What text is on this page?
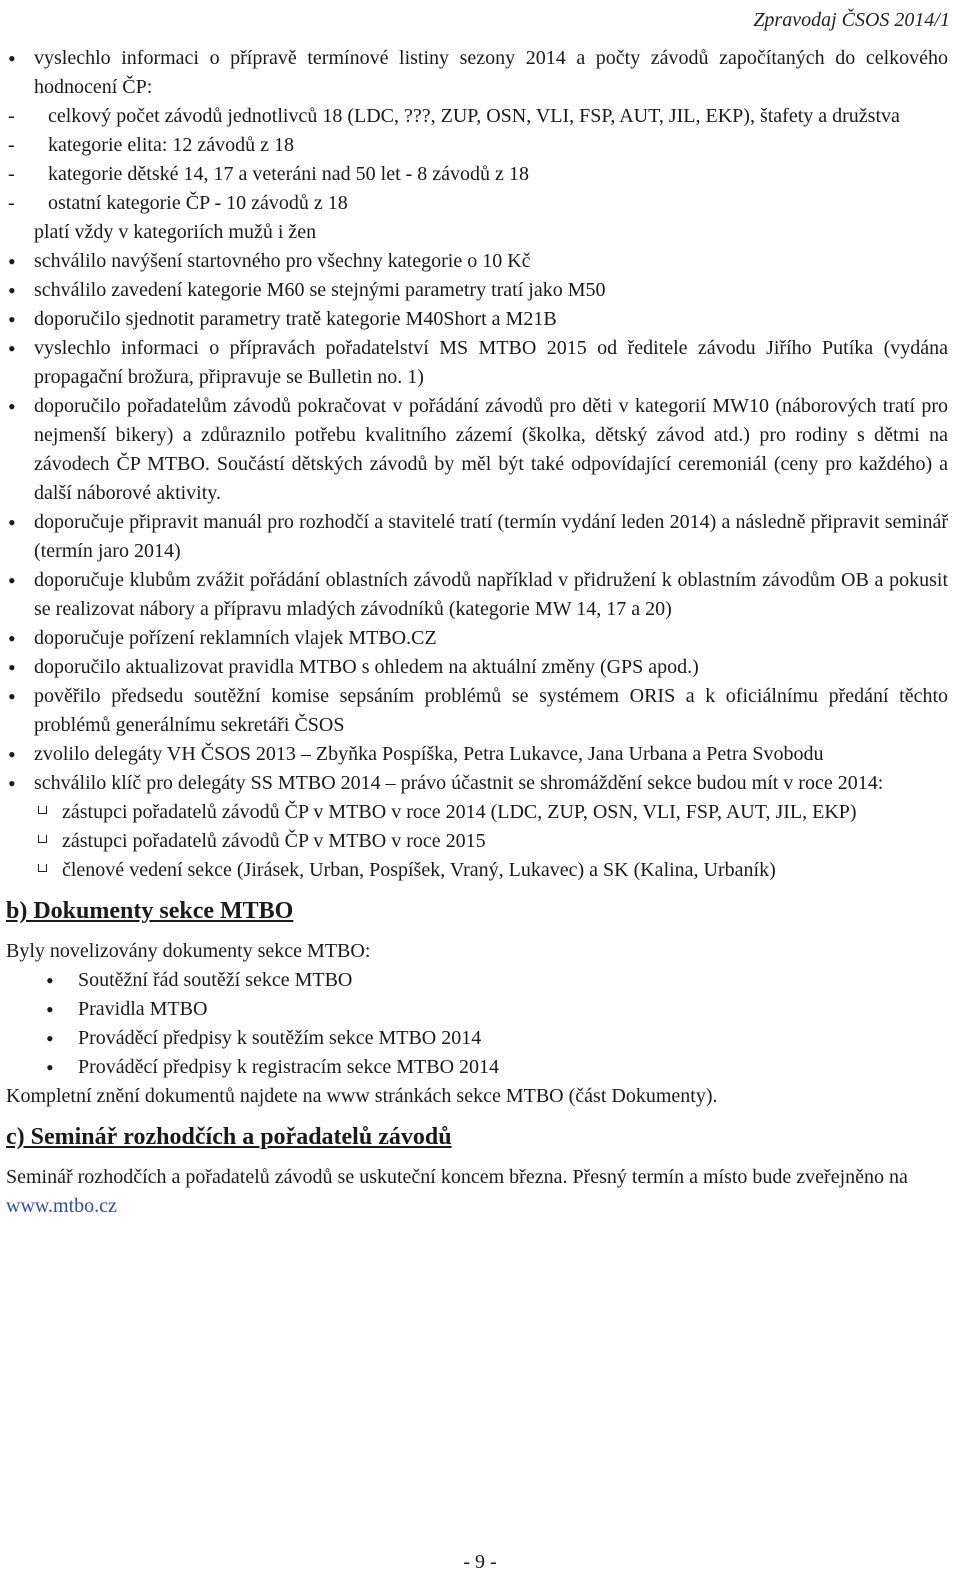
Zpravodaj ČSOS 2014/1
• vyslechlo informaci o přípravě termínové listiny sezony 2014 a počty závodů započítaných do celkového hodnocení ČP:
- celkový počet závodů jednotlivců 18 (LDC, ???, ZUP, OSN, VLI, FSP, AUT, JIL, EKP), štafety a družstva
- kategorie elita: 12 závodů z 18
- kategorie dětské 14, 17 a veteráni nad 50 let - 8 závodů z 18
- ostatní kategorie ČP - 10 závodů z 18
platí vždy v kategoriích mužů i žen
• schválilo navýšení startovného pro všechny kategorie o 10 Kč
• schválilo zavedení kategorie M60 se stejnými parametry tratí jako M50
• doporučilo sjednotit parametry tratě kategorie M40Short a M21B
• vyslechlo informaci o přípravách pořadatelství MS MTBO 2015 od ředitele závodu Jiřího Putíka (vydána propagační brožura, připravuje se Bulletin no. 1)
• doporučilo pořadatelům závodů pokračovat v pořádání závodů pro děti v kategorií MW10 (náborových tratí pro nejmenší bikery) a zdůraznilo potřebu kvalitního zázemí (školka, dětský závod atd.) pro rodiny s dětmi na závodech ČP MTBO. Součástí dětských závodů by měl být také odpovídající ceremoniál (ceny pro každého) a další náborové aktivity.
• doporučuje připravit manuál pro rozhodčí a stavitelé tratí (termín vydání leden 2014) a následně připravit seminář (termín jaro 2014)
• doporučuje klubům zvážit pořádání oblastních závodů například v přidružení k oblastním závodům OB a pokusit se realizovat nábory a přípravu mladých závodníků (kategorie MW 14, 17 a 20)
• doporučuje pořízení reklamních vlajek MTBO.CZ
• doporučilo aktualizovat pravidla MTBO s ohledem na aktuální změny (GPS apod.)
• pověřilo předsedu soutěžní komise sepsáním problémů se systémem ORIS a k oficiálnímu předání těchto problémů generálnímu sekretáři ČSOS
• zvolilo delegáty VH ČSOS 2013 – Zbyňka Pospíška, Petra Lukavce, Jana Urbana a Petra Svobodu
• schválilo klíč pro delegáty SS MTBO 2014 – právo účastnit se shromáždění sekce budou mít v roce 2014:
zástupci pořadatelů závodů ČP v MTBO v roce 2014 (LDC, ZUP, OSN, VLI, FSP, AUT, JIL, EKP)
zástupci pořadatelů závodů ČP v MTBO v roce 2015
členové vedení sekce (Jirásek, Urban, Pospíšek, Vraný, Lukavec) a SK (Kalina, Urbaník)
b) Dokumenty sekce MTBO

Byly novelizovány dokumenty sekce MTBO:

• Soutěžní řád soutěží sekce MTBO
• Pravidla MTBO
• Prováděcí předpisy k soutěžím sekce MTBO 2014
• Prováděcí předpisy k registracím sekce MTBO 2014

Kompletní znění dokumentů najdete na www stránkách sekce MTBO (část Dokumenty).

c) Seminář rozhodčích a pořadatelů závodů

Seminář rozhodčích a pořadatelů závodů se uskuteční koncem března. Přesný termín a místo bude zveřejněno na www.mtbo.cz

- 9 -
